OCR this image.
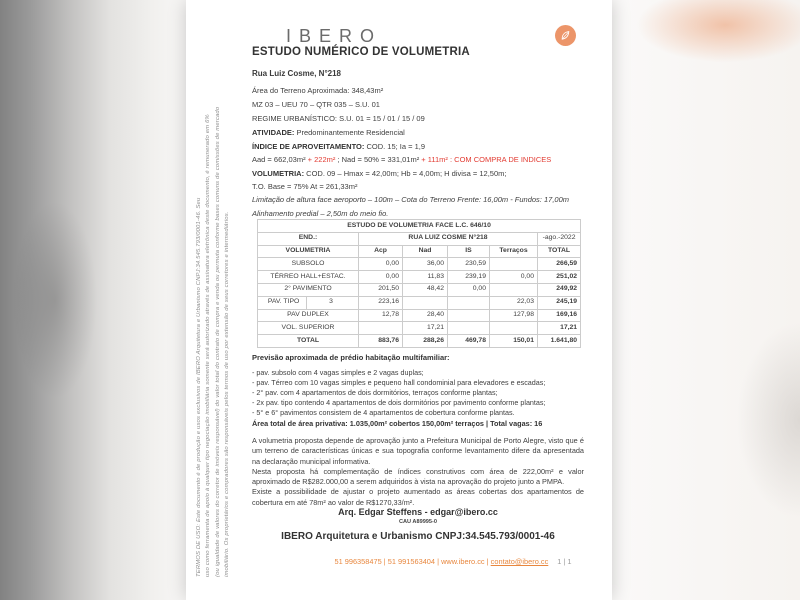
TERMOS DE USO: Este documento é de produção e usos exclusivos de IBERO Arquitetura e Urbanismo CNPJ:34.545.793/0001-46. Seu uso como ferramenta de apoio à qualquer tipo negociação imobiliária somente será autorizado através de assinatura eletrônica deste documento, é remunerado em 6% (ou igualdade de valores do corretor de imóveis responsável) do valor total do contrato de compra e venda ou permuta conforme bases comuns de comissões de mercado imobiliário. Os proprietários e compradores são responsáveis pelos termos de uso por extensão de seus corretores e intermediários.
IBERO
ESTUDO NUMÉRICO DE VOLUMETRIA
Rua Luiz Cosme, N°218
Área do Terreno Aproximada: 348,43m²
MZ 03 – UEU 70 – QTR 035 – S.U. 01
REGIME URBANÍSTICO: S.U. 01 = 15 / 01 / 15 / 09
ATIVIDADE: Predominantemente Residencial
ÍNDICE DE APROVEITAMENTO: COD. 15; Ia = 1,9
Aad = 662,03m² + 222m² ; Nad = 50% = 331,01m² + 111m² : COM COMPRA DE INDICES
VOLUMETRIA: COD. 09 – Hmax = 42,00m; Hb = 4,00m; H divisa = 12,50m;
T.O. Base = 75% At = 261,33m²
Limitação de altura face aeroporto – 100m – Cota do Terreno Frente: 16,00m - Fundos: 17,00m
Alinhamento predial – 2,50m do meio fio.
ESTUDO DE VOLUMETRIA FACE L.C. 646/10					
END.:	RUA LUIZ COSME N°218				-ago.-2022
VOLUMETRIA	Acp	Nad	IS	Terraços	TOTAL
SUBSOLO	0,00	36,00	230,59		266,59
TÉRREO HALL+ESTAC.	0,00	11,83	239,19	0,00	251,02
2° PAVIMENTO	201,50	48,42	0,00		249,92

PAV. TIPO 3	223,16			22,03	245,19
PAV DUPLEX	12,78	28,40		127,98	169,16
VOL. SUPERIOR		17,21			17,21
TOTAL	883,76	288,26	469,78	150,01	1.641,80
Previsão aproximada de prédio habitação multifamiliar:
- pav. subsolo com 4 vagas simples e 2 vagas duplas;
- pav. Térreo com 10 vagas simples e pequeno hall condominial para elevadores e escadas;
- 2° pav. com 4 apartamentos de dois dormitórios, terraços conforme plantas;
- 2x pav. tipo contendo 4 apartamentos de dois dormitórios por pavimento conforme plantas;
- 5° e 6° pavimentos consistem de 4 apartamentos de cobertura conforme plantas.
Área total de área privativa: 1.035,00m² cobertos 150,00m² terraços | Total vagas: 16

A volumetria proposta depende de aprovação junto a Prefeitura Municipal de Porto Alegre, visto que é um terreno de características únicas e sua topografia conforme levantamento difere da apresentada na declaração municipal informativa.

Nesta proposta há complementação de índices construtivos com área de 222,00m² e valor aproximado de R$282.000,00 a serem adquiridos à vista na aprovação do projeto junto a PMPA.

Existe a possibilidade de ajustar o projeto aumentado as áreas cobertas dos apartamentos de cobertura em até 78m² ao valor de R$1270,33/m².

Arq. Edgar Steffens - edgar@ibero.cc
CAU A89995-0
IBERO Arquitetura e Urbanismo CNPJ:34.545.793/0001-46
51 996358475 | 51 991563404 | www.ibero.cc | contato@ibero.cc 1 | 1
